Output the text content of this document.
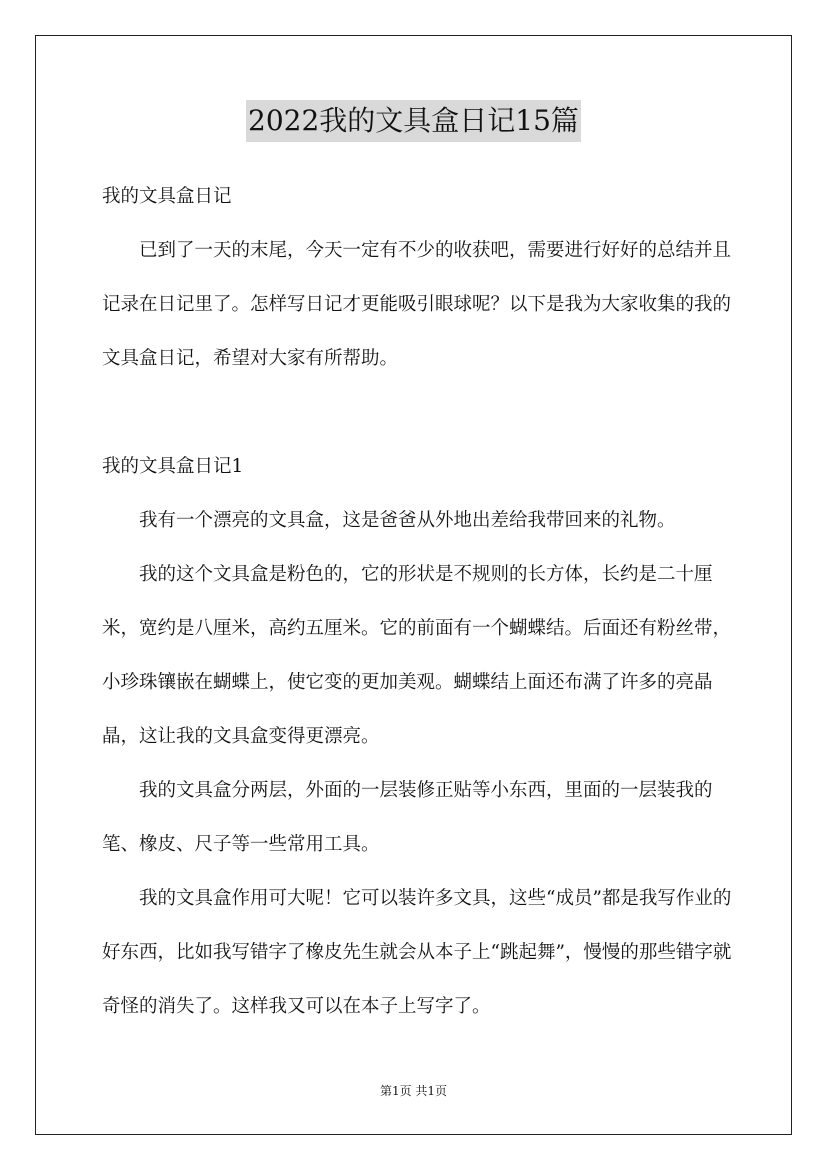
2022我的文具盒日记15篇

我的文具盒日记

已到了一天的末尾，今天一定有不少的收获吧，需要进行好好的总结并且记录在日记里了。怎样写日记才更能吸引眼球呢？以下是我为大家收集的我的文具盒日记，希望对大家有所帮助。

我的文具盒日记1

我有一个漂亮的文具盒，这是爸爸从外地出差给我带回来的礼物。

我的这个文具盒是粉色的，它的形状是不规则的长方体，长约是二十厘米，宽约是八厘米，高约五厘米。它的前面有一个蝴蝶结。后面还有粉丝带，小珍珠镶嵌在蝴蝶上，使它变的更加美观。蝴蝶结上面还布满了许多的亮晶晶，这让我的文具盒变得更漂亮。

我的文具盒分两层，外面的一层装修正贴等小东西，里面的一层装我的笔、橡皮、尺子等一些常用工具。

我的文具盒作用可大呢！它可以装许多文具，这些“成员”都是我写作业的好东西，比如我写错字了橡皮先生就会从本子上“跳起舞”，慢慢的那些错字就奇怪的消失了。这样我又可以在本子上写字了。

第1页 共1页
